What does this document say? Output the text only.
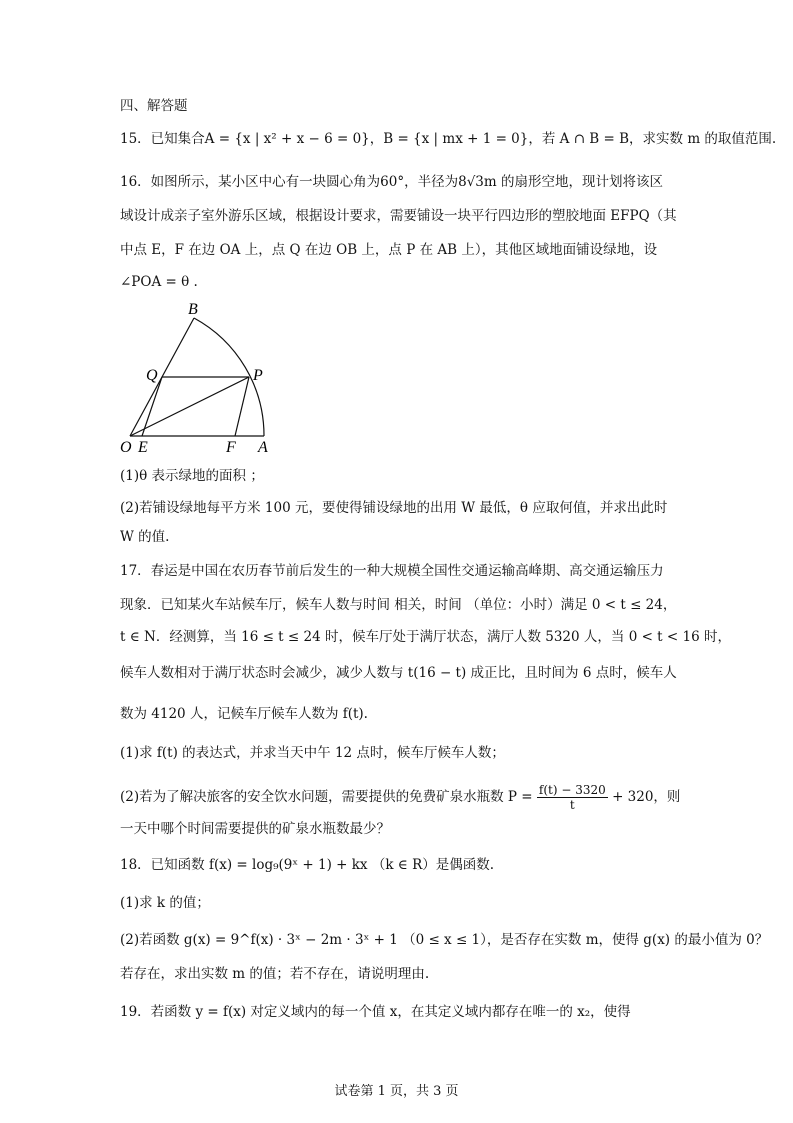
四、解答题
15．已知集合A = {x | x² + x − 6 = 0}，B = {x | mx + 1 = 0}，若 A ∩ B = B，求实数 m 的取值范围.
16．如图所示，某小区中心有一块圆心角为60°，半径为8√3m 的扇形空地，现计划将该区
域设计成亲子室外游乐区域，根据设计要求，需要铺设一块平行四边形的塑胶地面 EFPQ（其
中点 E，F 在边 OA 上，点 Q 在边 OB 上，点 P 在 AB 上），其他区域地面铺设绿地，设
∠POA = θ .
B
Q	P
O E	F A
(1)θ 表示绿地的面积 ；
(2)若铺设绿地每平方米 100 元，要使得铺设绿地的出用 W 最低，θ 应取何值，并求出此时
W 的值.
17．春运是中国在农历春节前后发生的一种大规模全国性交通运输高峰期、高交通运输压力
现象．已知某火车站候车厅，候车人数与时间 相关，时间 （单位：小时）满足 0 < t ≤ 24，
t ∈ N．经测算，当 16 ≤ t ≤ 24 时，候车厅处于满厅状态，满厅人数 5320 人，当 0 < t < 16 时，
候车人数相对于满厅状态时会减少，减少人数与 t(16 − t) 成正比，且时间为 6 点时，候车人
数为 4120 人，记候车厅候车人数为 f(t).
(1)求 f(t) 的表达式，并求当天中午 12 点时，候车厅候车人数；
(2)若为了解决旅客的安全饮水问题，需要提供的免费矿泉水瓶数 $P = \frac{f(t) - 3320}{t} + 320$，则
一天中哪个时间需要提供的矿泉水瓶数最少？
18．已知函数 f(x) = log₉(9ˣ + 1) + kx （k ∈ R）是偶函数.
(1)求 k 的值；
(2)若函数 g(x) = 9^f(x) · 3ˣ − 2m · 3ˣ + 1 （0 ≤ x ≤ 1），是否存在实数 m，使得 g(x) 的最小值为 0？
若存在，求出实数 m 的值；若不存在，请说明理由.
19．若函数 y = f(x) 对定义域内的每一个值 x，在其定义域内都存在唯一的 x₂，使得
试卷第 1 页，共 3 页
